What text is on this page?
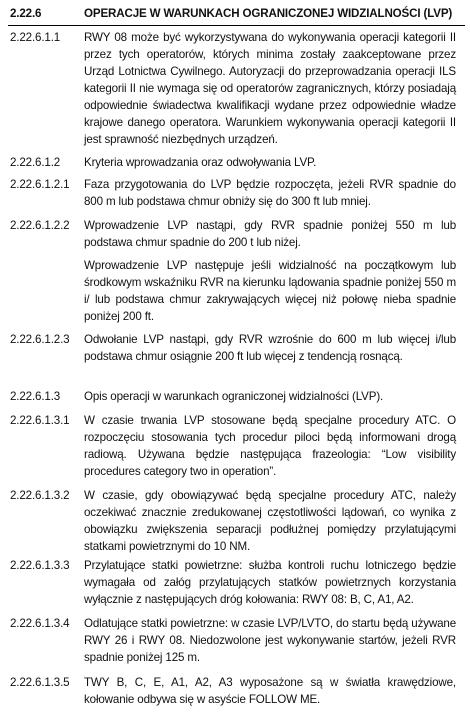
2.22.6	OPERACJE W WARUNKACH OGRANICZONEJ WIDZIALNOŚCI (LVP)
2.22.6.1.1 RWY 08 może być wykorzystywana do wykonywania operacji kategorii II przez tych operatorów, których minima zostały zaakceptowane przez Urząd Lotnictwa Cywilnego. Autoryzacji do przeprowadzania operacji ILS kategorii II nie wymaga się od operatorów zagranicznych, którzy posiadają odpowiednie świadectwa kwalifikacji wydane przez odpowiednie władze krajowe danego operatora. Warunkiem wykonywania operacji kategorii II jest sprawność niezbędnych urządzeń.
2.22.6.1.2 Kryteria wprowadzania oraz odwoływania LVP.
2.22.6.1.2.1 Faza przygotowania do LVP będzie rozpoczęta, jeżeli RVR spadnie do 800 m lub podstawa chmur obniży się do 300 ft lub mniej.
2.22.6.1.2.2 Wprowadzenie LVP nastąpi, gdy RVR spadnie poniżej 550 m lub podstawa chmur spadnie do 200 t lub niżej.
Wprowadzenie LVP następuje jeśli widzialność na początkowym lub środkowym wskaźniku RVR na kierunku lądowania spadnie poniżej 550 m i/ lub podstawa chmur zakrywających więcej niż połowę nieba spadnie poniżej 200 ft.
2.22.6.1.2.3 Odwołanie LVP nastąpi, gdy RVR wzrośnie do 600 m lub więcej i/lub podstawa chmur osiągnie 200 ft lub więcej z tendencją rosnącą.
2.22.6.1.3 Opis operacji w warunkach ograniczonej widzialności (LVP).
2.22.6.1.3.1 W czasie trwania LVP stosowane będą specjalne procedury ATC. O rozpoczęciu stosowania tych procedur piloci będą informowani drogą radiową. Używana będzie następująca frazeologia: “Low visibility procedures category two in operation”.
2.22.6.1.3.2 W czasie, gdy obowiązywać będą specjalne procedury ATC, należy oczekiwać znacznie zredukowanej częstotliwości lądowań, co wynika z obowiązku zwiększenia separacji podłużnej pomiędzy przylatującymi statkami powietrznymi do 10 NM.
2.22.6.1.3.3 Przylatujące statki powietrzne: służba kontroli ruchu lotniczego będzie wymagała od załóg przylatujących statków powietrznych korzystania wyłącznie z następujących dróg kołowania: RWY 08: B, C, A1, A2.
2.22.6.1.3.4 Odlatujące statki powietrzne: w czasie LVP/LVTO, do startu będą używane RWY 26 i RWY 08. Niedozwolone jest wykonywanie startów, jeżeli RVR spadnie poniżej 125 m.
2.22.6.1.3.5 TWY B, C, E, A1, A2, A3 wyposażone są w światła krawędziowe, kołowanie odbywa się w asyście FOLLOW ME.
